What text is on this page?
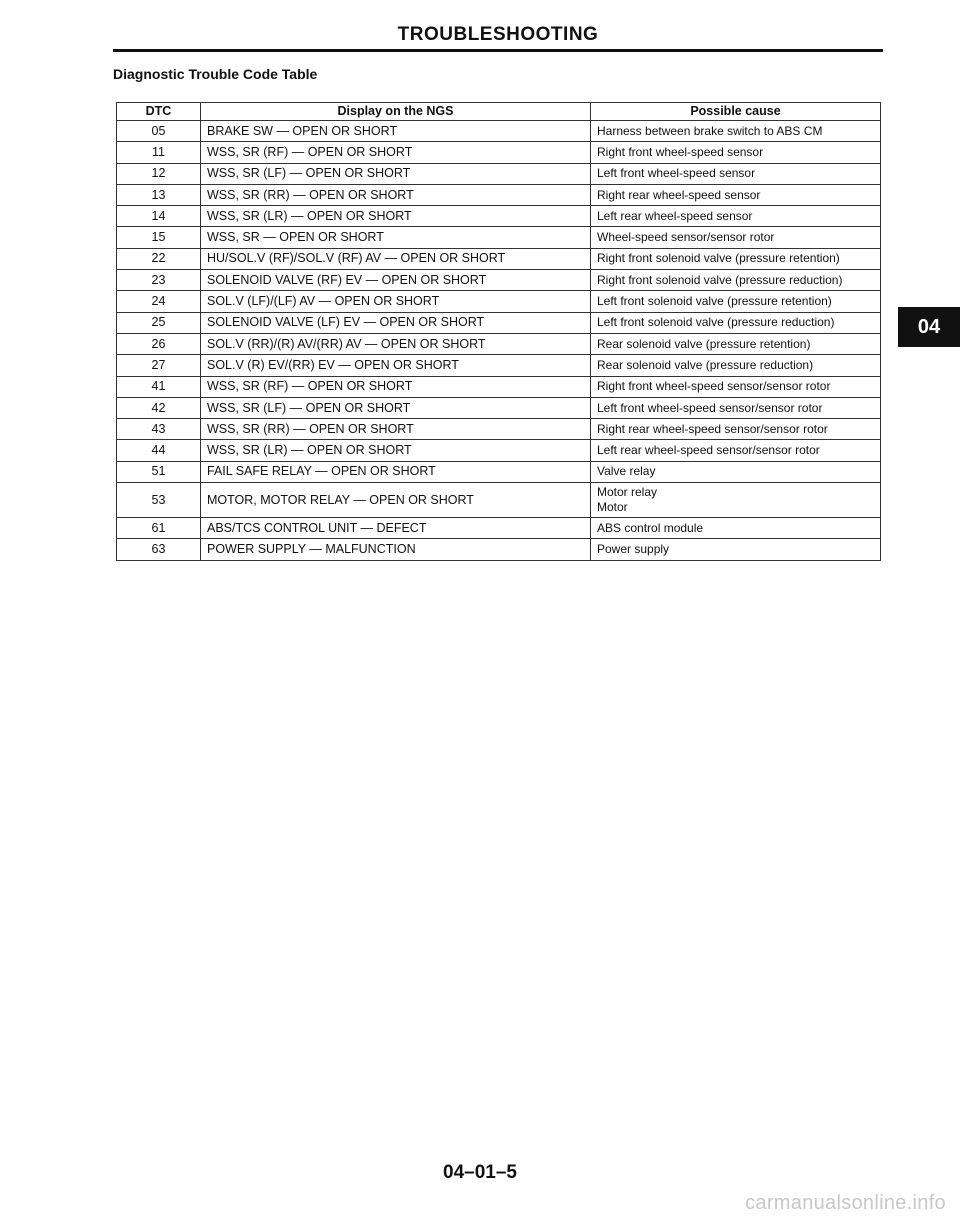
TROUBLESHOOTING
Diagnostic Trouble Code Table
DTC	Display on the NGS	Possible cause
05	BRAKE SW — OPEN OR SHORT	Harness between brake switch to ABS CM

11	WSS, SR (RF) — OPEN OR SHORT	Right front wheel-speed sensor

12	WSS, SR (LF) — OPEN OR SHORT	Left front wheel-speed sensor

13	WSS, SR (RR) — OPEN OR SHORT	Right rear wheel-speed sensor

14	WSS, SR (LR) — OPEN OR SHORT	Left rear wheel-speed sensor

15	WSS, SR — OPEN OR SHORT	Wheel-speed sensor/sensor rotor

22	HU/SOL.V (RF)/SOL.V (RF) AV — OPEN OR SHORT	Right front solenoid valve (pressure retention)

23	SOLENOID VALVE (RF) EV — OPEN OR SHORT	Right front solenoid valve (pressure reduction)

24	SOL.V (LF)/(LF) AV — OPEN OR SHORT	Left front solenoid valve (pressure retention)

25	SOLENOID VALVE (LF) EV — OPEN OR SHORT	Left front solenoid valve (pressure reduction)

26	SOL.V (RR)/(R) AV/(RR) AV — OPEN OR SHORT	Rear solenoid valve (pressure retention)

27	SOL.V (R) EV/(RR) EV — OPEN OR SHORT	Rear solenoid valve (pressure reduction)

41	WSS, SR (RF) — OPEN OR SHORT	Right front wheel-speed sensor/sensor rotor

42	WSS, SR (LF) — OPEN OR SHORT	Left front wheel-speed sensor/sensor rotor

43	WSS, SR (RR) — OPEN OR SHORT	Right rear wheel-speed sensor/sensor rotor

44	WSS, SR (LR) — OPEN OR SHORT	Left rear wheel-speed sensor/sensor rotor

51	FAIL SAFE RELAY — OPEN OR SHORT	Valve relay

53	MOTOR, MOTOR RELAY — OPEN OR SHORT	Motor relay
Motor

61	ABS/TCS CONTROL UNIT — DEFECT	ABS control module

63	POWER SUPPLY — MALFUNCTION	Power supply
04
04–01–5
carmanualsonline.info
